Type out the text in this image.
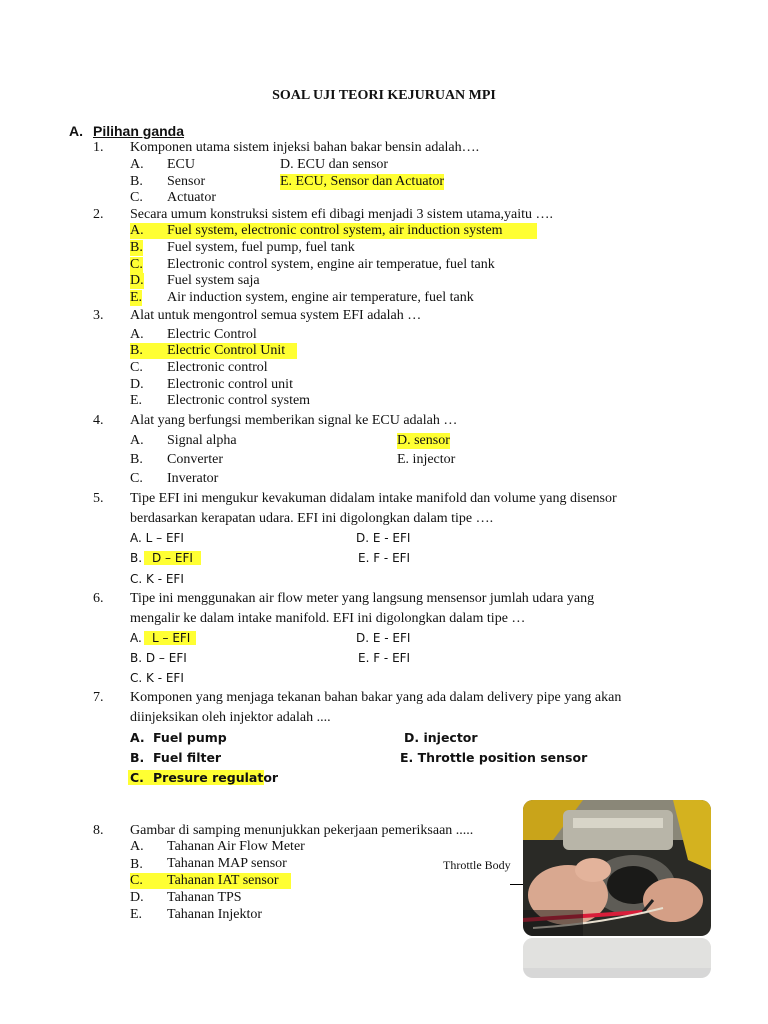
SOAL UJI TEORI KEJURUAN MPI
A. Pilihan ganda
1. Komponen utama sistem injeksi bahan bakar bensin adalah….
A. ECU	D. ECU dan sensor
B. Sensor	E. ECU, Sensor dan Actuator
C. Actuator
2. Secara umum konstruksi sistem efi dibagi menjadi 3 sistem utama,yaitu ….
A. Fuel system, electronic control system, air induction system
B. Fuel system, fuel pump, fuel tank
C. Electronic control system, engine air temperatue, fuel tank
D. Fuel system saja
E. Air induction system, engine air temperature, fuel tank
3. Alat untuk mengontrol semua system EFI adalah …
A. Electric Control
B. Electric Control Unit
C. Electronic control
D. Electronic control unit
E. Electronic control system
4. Alat yang berfungsi memberikan signal ke ECU adalah …
A. Signal alpha	D. sensor
B. Converter	E. injector
C. Inverator
5. Tipe EFI ini mengukur kevakuman didalam intake manifold dan volume yang disensor
berdasarkan kerapatan udara. EFI ini digolongkan dalam tipe ….
A. L – EFI	D. E - EFI
B. D – EFI	E. F - EFI
C. K - EFI
6. Tipe ini menggunakan air flow meter yang langsung mensensor jumlah udara yang
mengalir ke dalam intake manifold. EFI ini digolongkan dalam tipe …
A. L – EFI	D. E - EFI
B. D – EFI	E. F - EFI
C. K - EFI
7. Komponen yang menjaga tekanan bahan bakar yang ada dalam delivery pipe yang akan
diinjeksikan oleh injektor adalah ....
A. Fuel pump	D. injector
B. Fuel filter	E. Throttle position sensor
C. Presure regulator
8. Gambar di samping menunjukkan pekerjaan pemeriksaan .....
A. Tahanan Air Flow Meter
B. Tahanan MAP sensor
C. Tahanan IAT sensor
D. Tahanan TPS
E. Tahanan Injektor
Throttle Body
